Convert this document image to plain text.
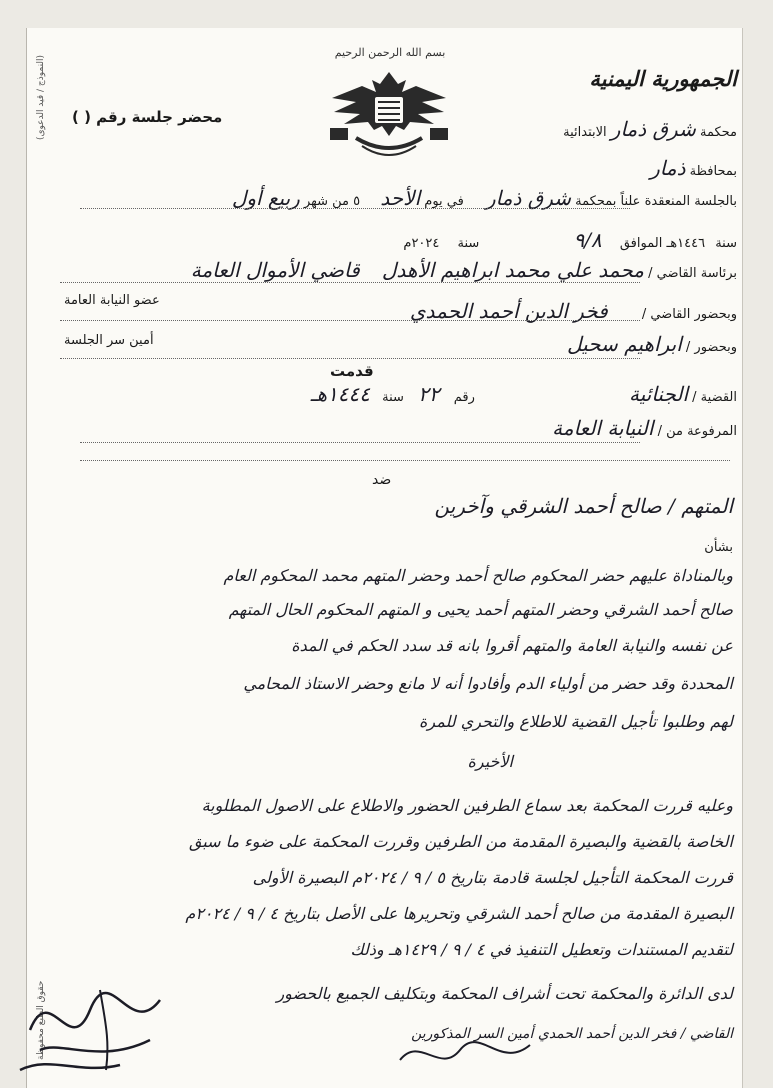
(النموذج / قيد الدعوى)
حقوق الطبع محفوظة
بسم الله الرحمن الرحيم
الجمهورية اليمنية
محكمة شرق ذمار الابتدائية
بمحافظة ذمار
محضر جلسة رقم ( )
بالجلسة المنعقدة علناً بمحكمة شرق ذمار في يوم الأحد ٥ من شهر ربيع أول
سنة ١٤٤٦هـ الموافق ٩/٨ سنة ٢٠٢٤م
برئاسة القاضي / محمد علي محمد ابراهيم الأهدل قاضي الأموال العامة
وبحضور القاضي / فخر الدين أحمد الحمدي
عضو النيابة العامة
وبحضور / ابراهيم سحيل
أمين سر الجلسة
قدمت
القضية / الجنائية رقم ٢٢ سنة ١٤٤٤هـ
المرفوعة من / النيابة العامة
ضد
المتهم / صالح أحمد الشرقي وآخرين
بشأن
وبالمناداة عليهم حضر المحكوم صالح أحمد وحضر المتهم محمد المحكوم العام
صالح أحمد الشرقي وحضر المتهم أحمد يحيى و المتهم المحكوم الحال المتهم
عن نفسه والنيابة العامة والمتهم أقروا بانه قد سدد الحكم في المدة
المحددة وقد حضر من أولياء الدم وأفادوا أنه لا مانع وحضر الاستاذ المحامي
لهم وطلبوا تأجيل القضية للاطلاع والتحري للمرة
الأخيرة
وعليه قررت المحكمة بعد سماع الطرفين الحضور والاطلاع على الاصول المطلوبة
الخاصة بالقضية والبصيرة المقدمة من الطرفين وقررت المحكمة على ضوء ما سبق
قررت المحكمة التأجيل لجلسة قادمة بتاريخ ٥ / ٩ / ٢٠٢٤م البصيرة الأولى
البصيرة المقدمة من صالح أحمد الشرقي وتحريرها على الأصل بتاريخ ٤ / ٩ / ٢٠٢٤م
لتقديم المستندات وتعطيل التنفيذ في ٤ / ٩ / ١٤٢٩هـ وذلك
لدى الدائرة والمحكمة تحت أشراف المحكمة وبتكليف الجميع بالحضور
القاضي / فخر الدين أحمد الحمدي أمين السر المذكورين
